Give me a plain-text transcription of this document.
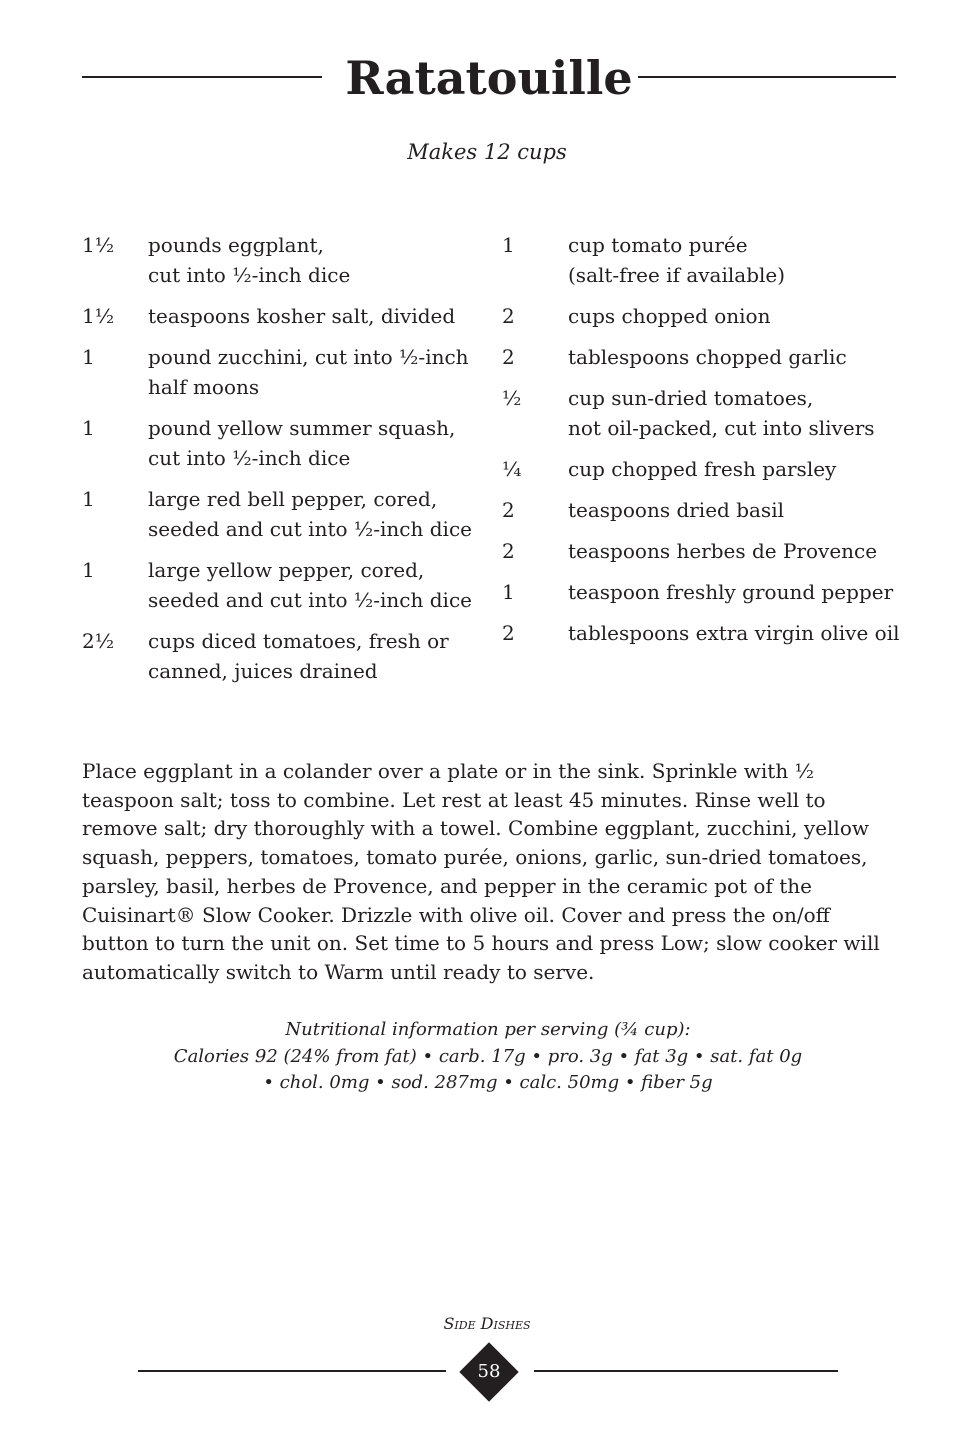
Ratatouille
Makes 12 cups
1½	pounds eggplant,
cut into ½-inch dice
1½	teaspoons kosher salt, divided
1	pound zucchini, cut into ½-inch
half moons
1	pound yellow summer squash,
cut into ½-inch dice
1	large red bell pepper, cored,
seeded and cut into ½-inch dice
1	large yellow pepper, cored,
seeded and cut into ½-inch dice
2½	cups diced tomatoes, fresh or
canned, juices drained
1	cup tomato purée
(salt-free if available)
2	cups chopped onion
2	tablespoons chopped garlic
½	cup sun-dried tomatoes,
not oil-packed, cut into slivers
¼	cup chopped fresh parsley
2	teaspoons dried basil
2	teaspoons herbes de Provence
1	teaspoon freshly ground pepper
2	tablespoons extra virgin olive oil

Place eggplant in a colander over a plate or in the sink. Sprinkle with ½ teaspoon salt; toss to combine. Let rest at least 45 minutes. Rinse well to remove salt; dry thoroughly with a towel. Combine eggplant, zucchini, yellow squash, peppers, tomatoes, tomato purée, onions, garlic, sun-dried tomatoes, parsley, basil, herbes de Provence, and pepper in the ceramic pot of the Cuisinart® Slow Cooker. Drizzle with olive oil. Cover and press the on/off button to turn the unit on. Set time to 5 hours and press Low; slow cooker will automatically switch to Warm until ready to serve.

Nutritional information per serving (¾ cup):
Calories 92 (24% from fat) • carb. 17g • pro. 3g • fat 3g • sat. fat 0g
• chol. 0mg • sod. 287mg • calc. 50mg • fiber 5g
Side Dishes
58
